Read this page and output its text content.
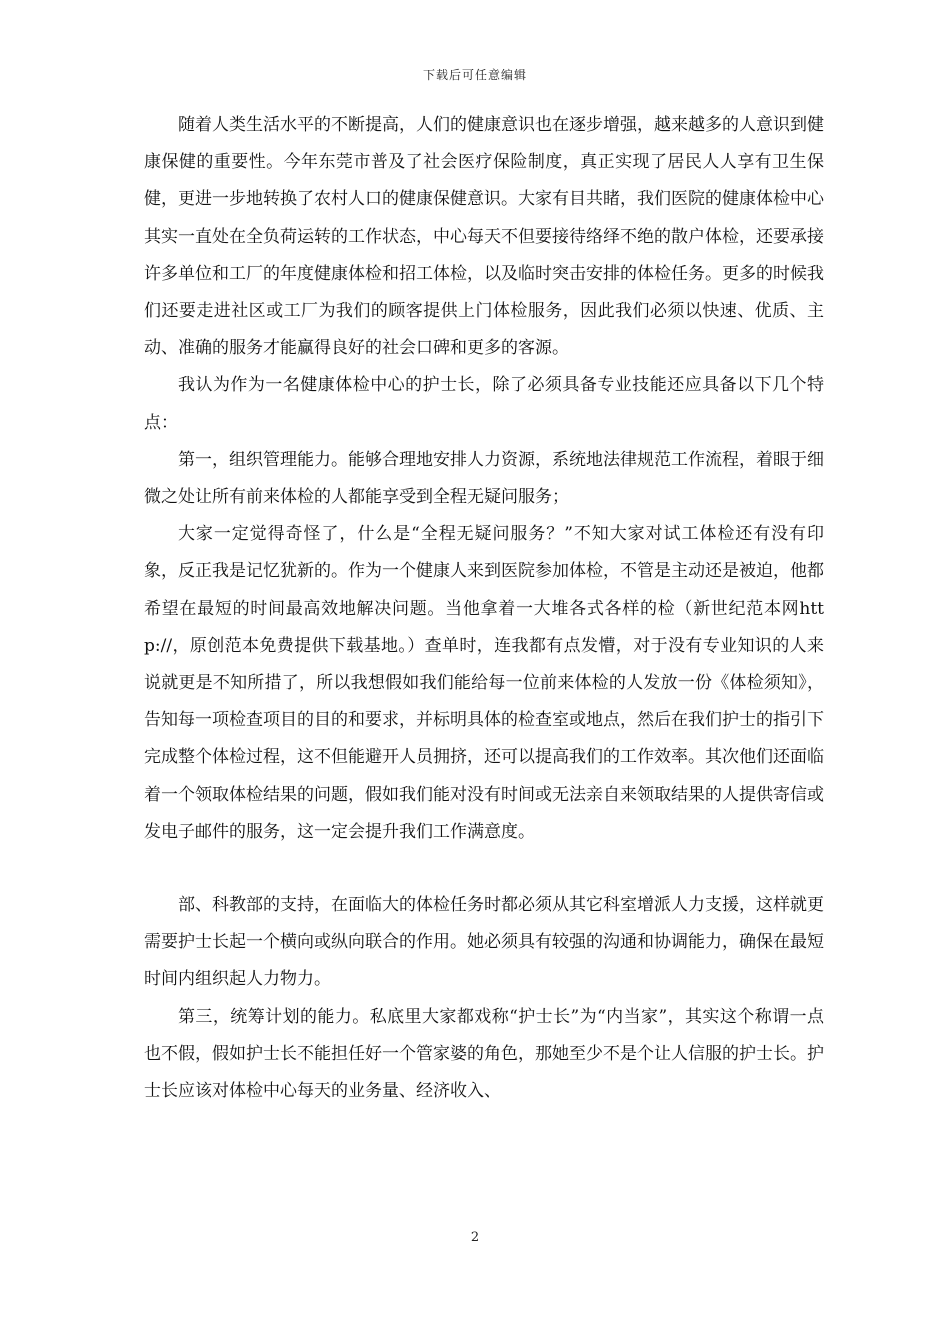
下载后可任意编辑

随着人类生活水平的不断提高，人们的健康意识也在逐步增强，越来越多的人意识到健康保健的重要性。今年东莞市普及了社会医疗保险制度，真正实现了居民人人享有卫生保健，更进一步地转换了农村人口的健康保健意识。大家有目共睹，我们医院的健康体检中心其实一直处在全负荷运转的工作状态，中心每天不但要接待络绎不绝的散户体检，还要承接许多单位和工厂的年度健康体检和招工体检，以及临时突击安排的体检任务。更多的时候我们还要走进社区或工厂为我们的顾客提供上门体检服务，因此我们必须以快速、优质、主动、准确的服务才能赢得良好的社会口碑和更多的客源。

我认为作为一名健康体检中心的护士长，除了必须具备专业技能还应具备以下几个特点：

第一，组织管理能力。能够合理地安排人力资源，系统地法律规范工作流程，着眼于细微之处让所有前来体检的人都能享受到全程无疑问服务；

大家一定觉得奇怪了，什么是“全程无疑问服务？”不知大家对试工体检还有没有印象，反正我是记忆犹新的。作为一个健康人来到医院参加体检，不管是主动还是被迫，他都希望在最短的时间最高效地解决问题。当他拿着一大堆各式各样的检（新世纪范本网http://，原创范本免费提供下载基地。）查单时，连我都有点发懵，对于没有专业知识的人来说就更是不知所措了，所以我想假如我们能给每一位前来体检的人发放一份《体检须知》，告知每一项检查项目的目的和要求，并标明具体的检查室或地点，然后在我们护士的指引下完成整个体检过程，这不但能避开人员拥挤，还可以提高我们的工作效率。其次他们还面临着一个领取体检结果的问题，假如我们能对没有时间或无法亲自来领取结果的人提供寄信或发电子邮件的服务，这一定会提升我们工作满意度。

部、科教部的支持，在面临大的体检任务时都必须从其它科室增派人力支援，这样就更需要护士长起一个横向或纵向联合的作用。她必须具有较强的沟通和协调能力，确保在最短时间内组织起人力物力。

第三，统筹计划的能力。私底里大家都戏称“护士长”为“内当家”，其实这个称谓一点也不假，假如护士长不能担任好一个管家婆的角色，那她至少不是个让人信服的护士长。护士长应该对体检中心每天的业务量、经济收入、

2
